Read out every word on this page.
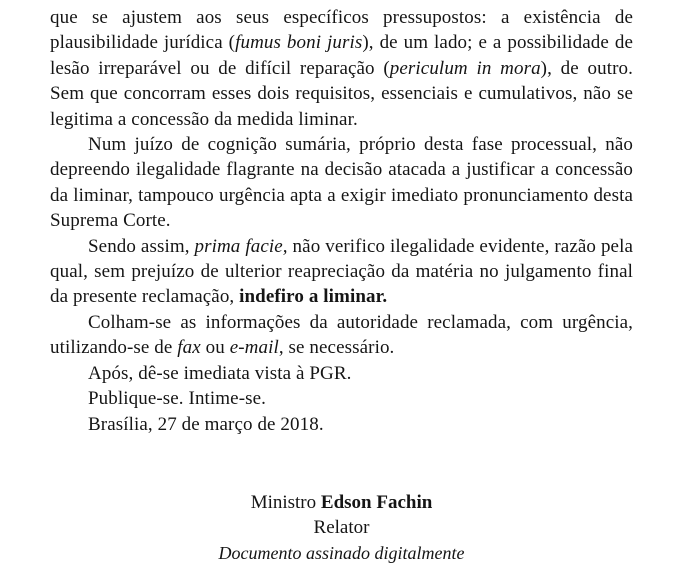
que se ajustem aos seus específicos pressupostos: a existência de plausibilidade jurídica (fumus boni juris), de um lado; e a possibilidade de lesão irreparável ou de difícil reparação (periculum in mora), de outro. Sem que concorram esses dois requisitos, essenciais e cumulativos, não se legitima a concessão da medida liminar.

Num juízo de cognição sumária, próprio desta fase processual, não depreendo ilegalidade flagrante na decisão atacada a justificar a concessão da liminar, tampouco urgência apta a exigir imediato pronunciamento desta Suprema Corte.

Sendo assim, prima facie, não verifico ilegalidade evidente, razão pela qual, sem prejuízo de ulterior reapreciação da matéria no julgamento final da presente reclamação, indefiro a liminar.

Colham-se as informações da autoridade reclamada, com urgência, utilizando-se de fax ou e-mail, se necessário.

Após, dê-se imediata vista à PGR.

Publique-se. Intime-se.

Brasília, 27 de março de 2018.

Ministro Edson Fachin

Relator

Documento assinado digitalmente
